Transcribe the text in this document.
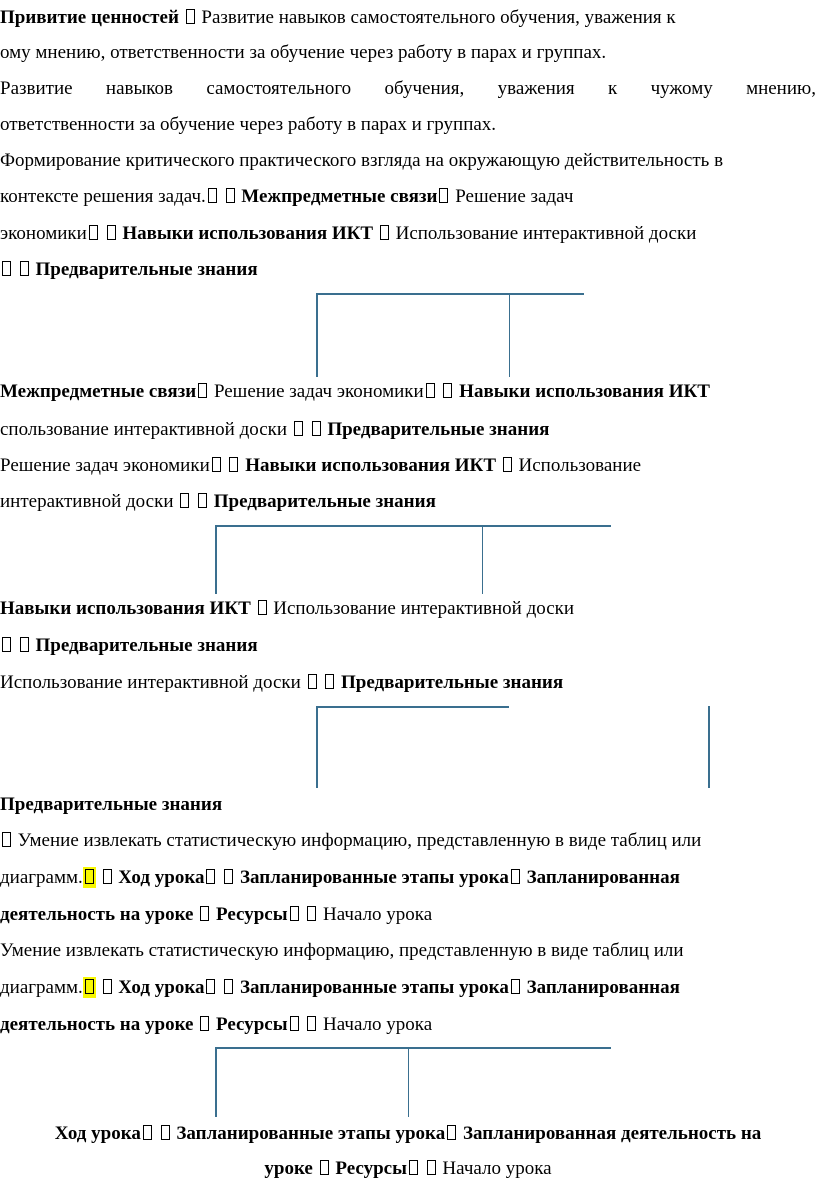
Привитие ценностей Развитие навыков самостоятельного обучения, уважения к
ому мнению, ответственности за обучение через работу в парах и группах.
Развитие навыков самостоятельного обучения, уважения к чужому мнению,
ответственности за обучение через работу в парах и группах.
Формирование критического практического взгляда на окружающую действительность в
контексте решения задач. Межпредметные связи Решение задач
экономики Навыки использования ИКТ Использование интерактивной доски
Предварительные знания
Межпредметные связи Решение задач экономики Навыки использования ИКТ
спользование интерактивной доски Предварительные знания
Решение задач экономики Навыки использования ИКТ Использование
интерактивной доски Предварительные знания
Навыки использования ИКТ Использование интерактивной доски
Предварительные знания
Использование интерактивной доски Предварительные знания
Предварительные знания
Умение извлекать статистическую информацию, представленную в виде таблиц или
диаграмм. Ход урока Запланированные этапы урока Запланированная
деятельность на уроке Ресурсы Начало урока
Умение извлекать статистическую информацию, представленную в виде таблиц или
диаграмм. Ход урока Запланированные этапы урока Запланированная
деятельность на уроке Ресурсы Начало урока
Ход урока Запланированные этапы урока Запланированная деятельность на
уроке Ресурсы Начало урока
